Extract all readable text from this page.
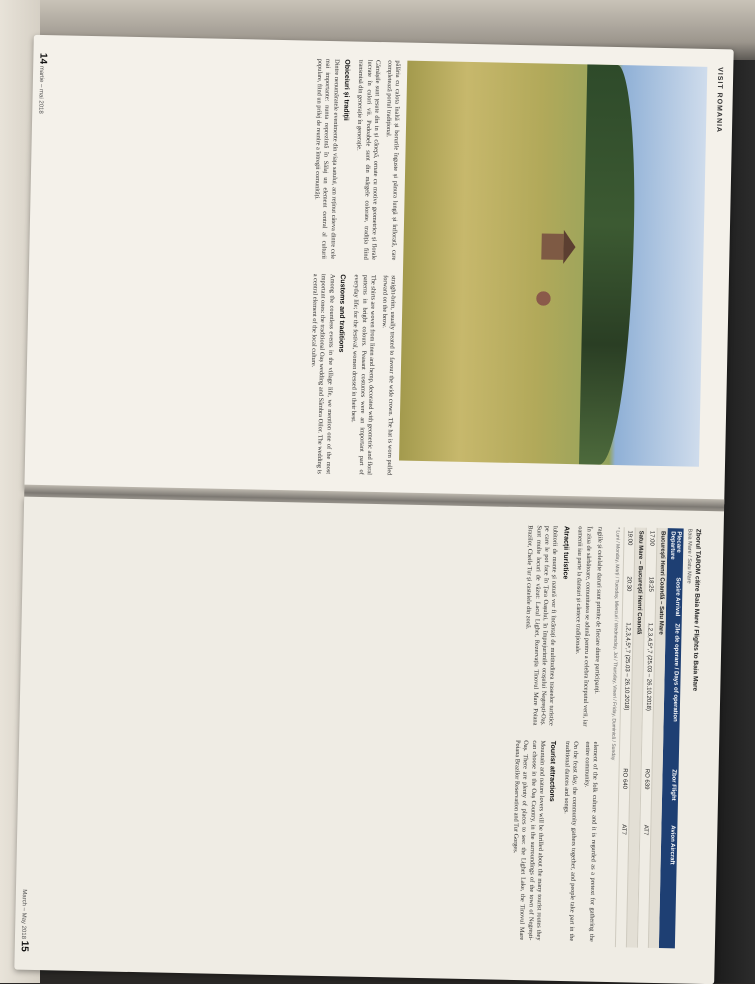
VISIT ROMANIA

pălăria cu calota înaltă și borurile înguste și pănura lungă și înflorată, care completează portul tradițional.

Cămășile sunt țesute din in și cânepă, ornate cu motive geometrice și florale lucrate în culori vii. Podoabele sunt din mărgele colorate, tradiția fiind transmisă din generație în generație.

Obiceiuri și tradiții

Dintre nenumăratele evenimente din viața satului, am reținut câteva dintre cele mai importante: nunta reprezintă în Sălaj un element central al culturii populare, fiind un prilej de reunire a întregii comunități.

straight-brim, usually treated to favour the wide crown. The hat is worn pulled forward on the brow.

The shirts are woven from linen and hemp, decorated with geometric and floral patterns in bright colours. Peasant costumes were an important part of everyday life; for the festival, women dressed in their best.

Customs and traditions

Among the countless events in the village life, we mention one of the most important ones: the traditional Oaș wedding and Sâmbra Oilor. The wedding is a central element of the local culture.

14 martie – mai 2018
Zborul TAROM către Baia Mare / Flights to Baia Mare
Baia Mare / Satu Mare
Plecare Departure
Sosire Arrival
Zile de operare / Days of operation
Zbor Flight
Avion Aircraft
București Henri Coandă – Satu Mare
17:00
18:25
1,2,3,4,5*,7 (25.03 – 26.10.2018)
RO 639
AT7
Satu Mare – București Henri Coandă
19:00
20:30
1,2,3,4,5*,7 (25.03 – 26.10.2018)
RO 640
AT7
* Luni / Monday, Marți / Tuesday, Miercuri / Wednesday, Joi / Thursday, Vineri / Friday, Duminică / Sunday

ragiile și celelalte daruri sunt primite de fiecare dintre participanți.

În ziua de sărbătoare, comunitatea se adună pentru a celebra începutul verii, iar oamenii iau parte la dansuri și cântece tradiționale.

Atracții turistice

Iubitorii de munte și natură vor fi încântați de multitudinea traseelor turistice pe care le pot face în Țara Oașului, în împrejurimile orașului Negrești-Oaș. Sunt multe locuri de văzut: Lacul Lighet, Rezervația Tinovul Mare Poiana Brazilor, Cheile Tur și castelele din zonă.

element of the folk culture and it is regarded as a pretext for gathering the entire community.

On the feast day, the community gathers together, and people take part in the traditional dances and songs.

Tourist attractions

Mountain and nature lovers will be thrilled about the many tourist routes they can choose in the Oaș Country, in the surroundings of the town of Negrești-Oaș. There are plenty of places to see: the Lighet Lake, the Tinovul Mare Poiana Brazilor Reservation and Tur Gorges.

March – May 2018 15
